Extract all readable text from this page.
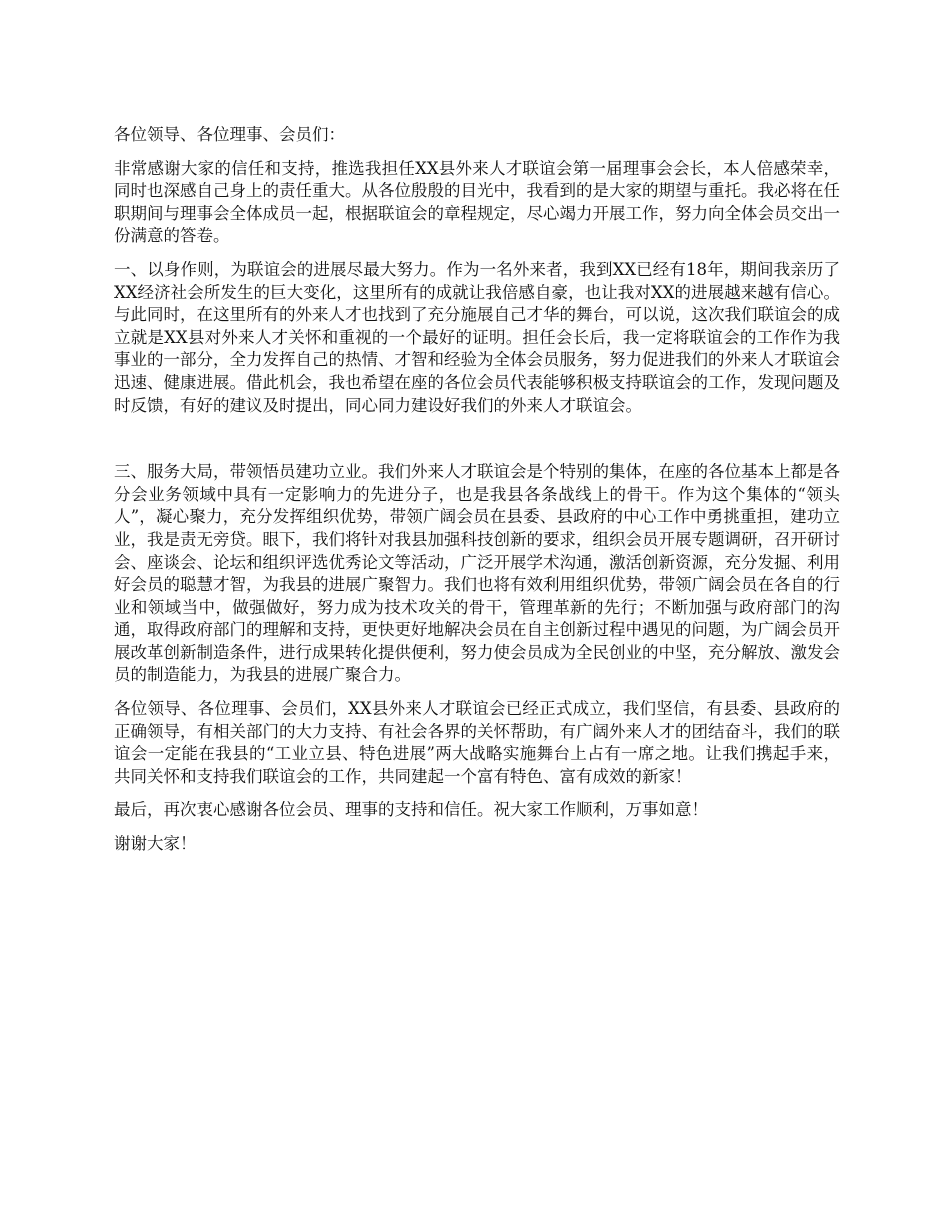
各位领导、各位理事、会员们：

非常感谢大家的信任和支持，推选我担任XX县外来人才联谊会第一届理事会会长，本人倍感荣幸，同时也深感自己身上的责任重大。从各位殷殷的目光中，我看到的是大家的期望与重托。我必将在任职期间与理事会全体成员一起，根据联谊会的章程规定，尽心竭力开展工作，努力向全体会员交出一份满意的答卷。

一、以身作则，为联谊会的进展尽最大努力。作为一名外来者，我到XX已经有18年，期间我亲历了XX经济社会所发生的巨大变化，这里所有的成就让我倍感自豪，也让我对XX的进展越来越有信心。与此同时，在这里所有的外来人才也找到了充分施展自己才华的舞台，可以说，这次我们联谊会的成立就是XX县对外来人才关怀和重视的一个最好的证明。担任会长后，我一定将联谊会的工作作为我事业的一部分，全力发挥自己的热情、才智和经验为全体会员服务，努力促进我们的外来人才联谊会迅速、健康进展。借此机会，我也希望在座的各位会员代表能够积极支持联谊会的工作，发现问题及时反馈，有好的建议及时提出，同心同力建设好我们的外来人才联谊会。

三、服务大局，带领悟员建功立业。我们外来人才联谊会是个特别的集体，在座的各位基本上都是各分会业务领域中具有一定影响力的先进分子，也是我县各条战线上的骨干。作为这个集体的“领头人”，凝心聚力，充分发挥组织优势，带领广阔会员在县委、县政府的中心工作中勇挑重担，建功立业，我是责无旁贷。眼下，我们将针对我县加强科技创新的要求，组织会员开展专题调研，召开研讨会、座谈会、论坛和组织评选优秀论文等活动，广泛开展学术沟通，激活创新资源，充分发掘、利用好会员的聪慧才智，为我县的进展广聚智力。我们也将有效利用组织优势，带领广阔会员在各自的行业和领域当中，做强做好，努力成为技术攻关的骨干，管理革新的先行；不断加强与政府部门的沟通，取得政府部门的理解和支持，更快更好地解决会员在自主创新过程中遇见的问题，为广阔会员开展改革创新制造条件，进行成果转化提供便利，努力使会员成为全民创业的中坚，充分解放、激发会员的制造能力，为我县的进展广聚合力。

各位领导、各位理事、会员们，XX县外来人才联谊会已经正式成立，我们坚信，有县委、县政府的正确领导，有相关部门的大力支持、有社会各界的关怀帮助，有广阔外来人才的团结奋斗，我们的联谊会一定能在我县的“工业立县、特色进展”两大战略实施舞台上占有一席之地。让我们携起手来，共同关怀和支持我们联谊会的工作，共同建起一个富有特色、富有成效的新家！

最后，再次衷心感谢各位会员、理事的支持和信任。祝大家工作顺利，万事如意！

谢谢大家！
